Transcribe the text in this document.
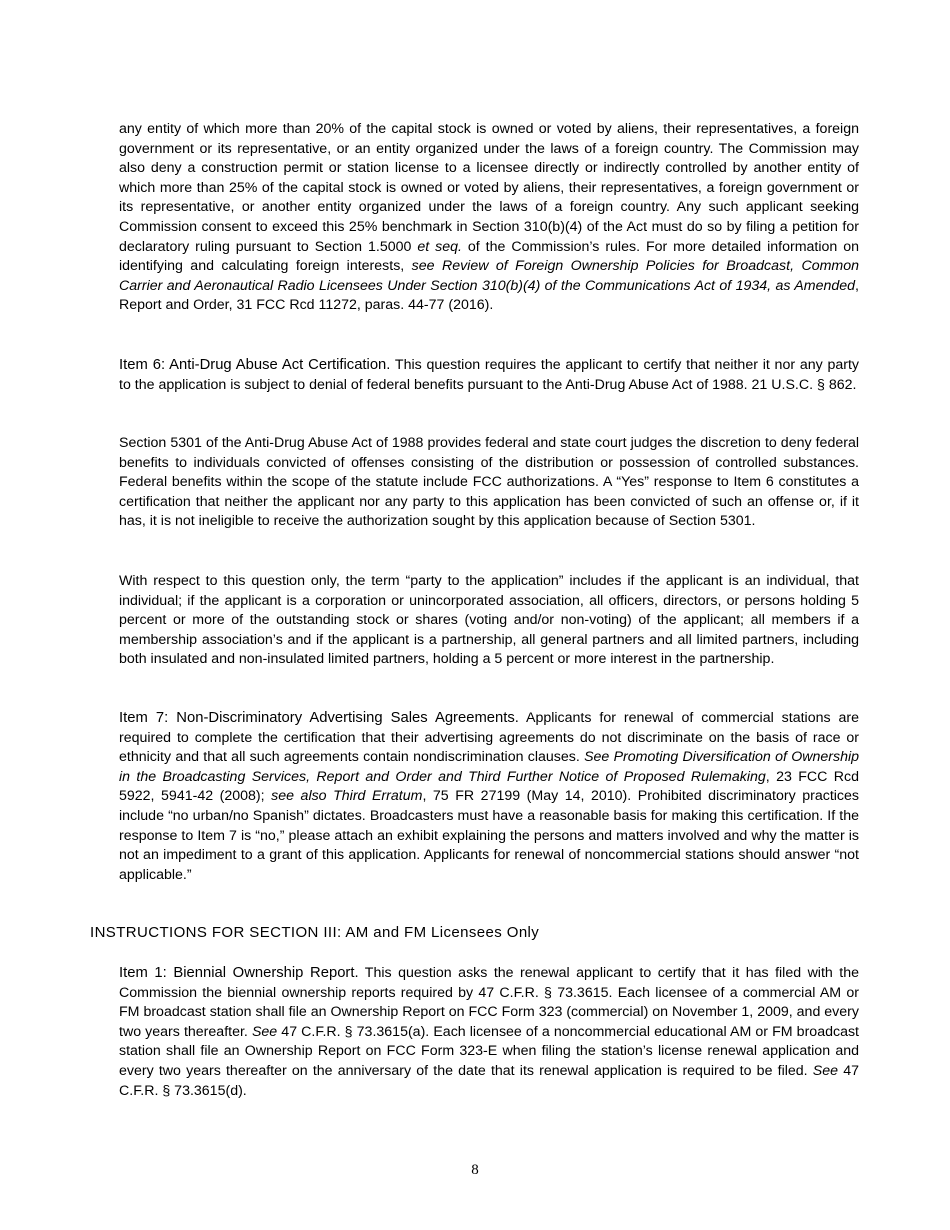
any entity of which more than 20% of the capital stock is owned or voted by aliens, their representatives, a foreign government or its representative, or an entity organized under the laws of a foreign country. The Commission may also deny a construction permit or station license to a licensee directly or indirectly controlled by another entity of which more than 25% of the capital stock is owned or voted by aliens, their representatives, a foreign government or its representative, or another entity organized under the laws of a foreign country. Any such applicant seeking Commission consent to exceed this 25% benchmark in Section 310(b)(4) of the Act must do so by filing a petition for declaratory ruling pursuant to Section 1.5000 et seq. of the Commission’s rules. For more detailed information on identifying and calculating foreign interests, see Review of Foreign Ownership Policies for Broadcast, Common Carrier and Aeronautical Radio Licensees Under Section 310(b)(4) of the Communications Act of 1934, as Amended, Report and Order, 31 FCC Rcd 11272, paras. 44-77 (2016).

Item 6: Anti-Drug Abuse Act Certification. This question requires the applicant to certify that neither it nor any party to the application is subject to denial of federal benefits pursuant to the Anti-Drug Abuse Act of 1988. 21 U.S.C. § 862.

Section 5301 of the Anti-Drug Abuse Act of 1988 provides federal and state court judges the discretion to deny federal benefits to individuals convicted of offenses consisting of the distribution or possession of controlled substances. Federal benefits within the scope of the statute include FCC authorizations. A “Yes” response to Item 6 constitutes a certification that neither the applicant nor any party to this application has been convicted of such an offense or, if it has, it is not ineligible to receive the authorization sought by this application because of Section 5301.

With respect to this question only, the term “party to the application” includes if the applicant is an individual, that individual; if the applicant is a corporation or unincorporated association, all officers, directors, or persons holding 5 percent or more of the outstanding stock or shares (voting and/or non-voting) of the applicant; all members if a membership association’s and if the applicant is a partnership, all general partners and all limited partners, including both insulated and non-insulated limited partners, holding a 5 percent or more interest in the partnership.

Item 7: Non-Discriminatory Advertising Sales Agreements. Applicants for renewal of commercial stations are required to complete the certification that their advertising agreements do not discriminate on the basis of race or ethnicity and that all such agreements contain nondiscrimination clauses. See Promoting Diversification of Ownership in the Broadcasting Services, Report and Order and Third Further Notice of Proposed Rulemaking, 23 FCC Rcd 5922, 5941-42 (2008); see also Third Erratum, 75 FR 27199 (May 14, 2010). Prohibited discriminatory practices include “no urban/no Spanish” dictates. Broadcasters must have a reasonable basis for making this certification. If the response to Item 7 is “no,” please attach an exhibit explaining the persons and matters involved and why the matter is not an impediment to a grant of this application. Applicants for renewal of noncommercial stations should answer “not applicable.”

INSTRUCTIONS FOR SECTION III: AM and FM Licensees Only

Item 1: Biennial Ownership Report. This question asks the renewal applicant to certify that it has filed with the Commission the biennial ownership reports required by 47 C.F.R. § 73.3615. Each licensee of a commercial AM or FM broadcast station shall file an Ownership Report on FCC Form 323 (commercial) on November 1, 2009, and every two years thereafter. See 47 C.F.R. § 73.3615(a). Each licensee of a noncommercial educational AM or FM broadcast station shall file an Ownership Report on FCC Form 323-E when filing the station’s license renewal application and every two years thereafter on the anniversary of the date that its renewal application is required to be filed. See 47 C.F.R. § 73.3615(d).

8
